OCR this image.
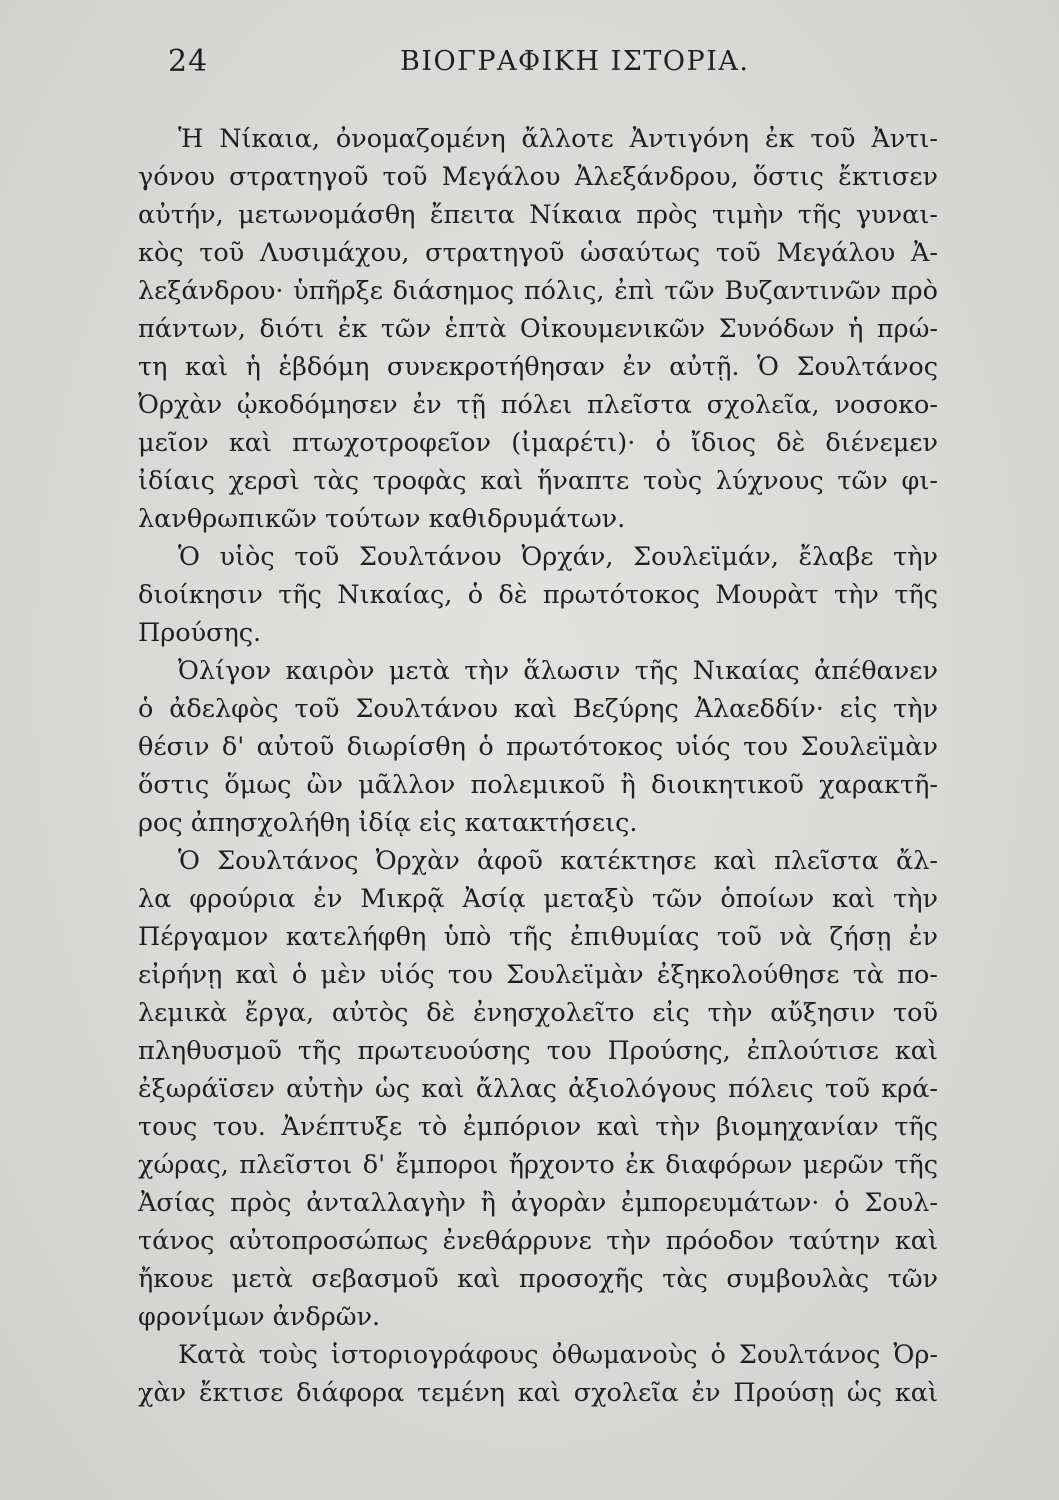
24	ΒΙΟΓΡΑΦΙΚΗ ΙΣΤΟΡΙΑ.
Ἡ Νίκαια, ὀνομαζομένη ἄλλοτε Ἀντιγόνη ἐκ τοῦ Ἀντι-
γόνου στρατηγοῦ τοῦ Μεγάλου Ἀλεξάνδρου, ὅστις ἔκτισεν
αὐτήν, μετωνομάσθη ἔπειτα Νίκαια πρὸς τιμὴν τῆς γυναι-
κὸς τοῦ Λυσιμάχου, στρατηγοῦ ὡσαύτως τοῦ Μεγάλου Ἀ-
λεξάνδρου· ὑπῆρξε διάσημος πόλις, ἐπὶ τῶν Βυζαντινῶν πρὸ
πάντων, διότι ἐκ τῶν ἑπτὰ Οἰκουμενικῶν Συνόδων ἡ πρώ-
τη καὶ ἡ ἑβδόμη συνεκροτήθησαν ἐν αὐτῇ. Ὁ Σουλτάνος
Ὀρχὰν ᾠκοδόμησεν ἐν τῇ πόλει πλεῖστα σχολεῖα, νοσοκο-
μεῖον καὶ πτωχοτροφεῖον (ἰμαρέτι)· ὁ ἴδιος δὲ διένεμεν
ἰδίαις χερσὶ τὰς τροφὰς καὶ ἥναπτε τοὺς λύχνους τῶν φι-
λανθρωπικῶν τούτων καθιδρυμάτων.
Ὁ υἱὸς τοῦ Σουλτάνου Ὀρχάν, Σουλεϊμάν, ἔλαβε τὴν
διοίκησιν τῆς Νικαίας, ὁ δὲ πρωτότοκος Μουρὰτ τὴν τῆς
Προύσης.
Ὀλίγον καιρὸν μετὰ τὴν ἅλωσιν τῆς Νικαίας ἀπέθανεν
ὁ ἀδελφὸς τοῦ Σουλτάνου καὶ Βεζύρης Ἀλαεδδίν· εἰς τὴν
θέσιν δ' αὐτοῦ διωρίσθη ὁ πρωτότοκος υἱός του Σουλεϊμὰν
ὅστις ὅμως ὢν μᾶλλον πολεμικοῦ ἢ διοικητικοῦ χαρακτῆ-
ρος ἀπησχολήθη ἰδίᾳ εἰς κατακτήσεις.
Ὁ Σουλτάνος Ὀρχὰν ἀφοῦ κατέκτησε καὶ πλεῖστα ἄλ-
λα φρούρια ἐν Μικρᾷ Ἀσίᾳ μεταξὺ τῶν ὁποίων καὶ τὴν
Πέργαμον κατελήφθη ὑπὸ τῆς ἐπιθυμίας τοῦ νὰ ζήσῃ ἐν
εἰρήνῃ καὶ ὁ μὲν υἱός του Σουλεϊμὰν ἐξηκολούθησε τὰ πο-
λεμικὰ ἔργα, αὐτὸς δὲ ἐνησχολεῖτο εἰς τὴν αὔξησιν τοῦ
πληθυσμοῦ τῆς πρωτευούσης του Προύσης, ἐπλούτισε καὶ
ἐξωράϊσεν αὐτὴν ὡς καὶ ἄλλας ἀξιολόγους πόλεις τοῦ κρά-
τους του. Ἀνέπτυξε τὸ ἐμπόριον καὶ τὴν βιομηχανίαν τῆς
χώρας, πλεῖστοι δ' ἔμποροι ἤρχοντο ἐκ διαφόρων μερῶν τῆς
Ἀσίας πρὸς ἀνταλλαγὴν ἢ ἀγορὰν ἐμπορευμάτων· ὁ Σουλ-
τάνος αὐτοπροσώπως ἐνεθάρρυνε τὴν πρόοδον ταύτην καὶ
ἤκουε μετὰ σεβασμοῦ καὶ προσοχῆς τὰς συμβουλὰς τῶν
φρονίμων ἀνδρῶν.
Κατὰ τοὺς ἱστοριογράφους ὀθωμανοὺς ὁ Σουλτάνος Ὀρ-
χὰν ἔκτισε διάφορα τεμένη καὶ σχολεῖα ἐν Προύσῃ ὡς καὶ
